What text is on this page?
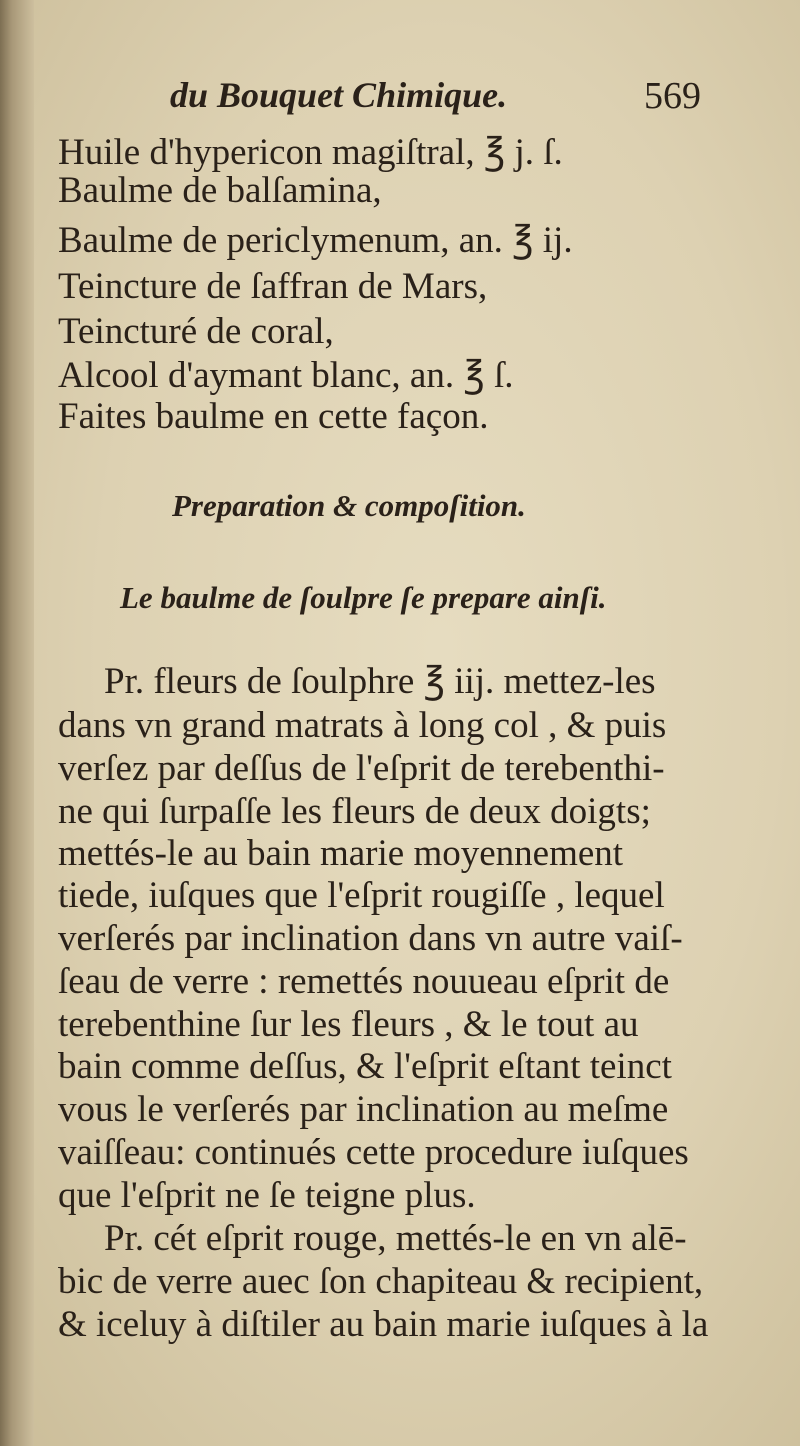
du Bouquet Chimique.	569
Huile d'hypericon magiſtral, ℥ j. ſ.
Baulme de balſamina,
Baulme de periclymenum, an. ℥ ij.
Teincture de ſaffran de Mars,
Teincturé de coral,
Alcool d'aymant blanc, an. ℥ ſ.
Faites baulme en cette façon.
Preparation & compoſition.
Le baulme de ſoulpre ſe prepare ainſi.
Pr. fleurs de ſoulphre ℥ iij. mettez-les
dans vn grand matrats à long col , & puis
verſez par deſſus de l'eſprit de terebenthi-
ne qui ſurpaſſe les fleurs de deux doigts;
mettés-le au bain marie moyennement
tiede, iuſques que l'eſprit rougiſſe , lequel
verſerés par inclination dans vn autre vaiſ-
ſeau de verre : remettés nouueau eſprit de
terebenthine ſur les fleurs , & le tout au
bain comme deſſus, & l'eſprit eſtant teinct
vous le verſerés par inclination au meſme
vaiſſeau: continués cette procedure iuſques
que l'eſprit ne ſe teigne plus.
Pr. cét eſprit rouge, mettés-le en vn alē-
bic de verre auec ſon chapiteau & recipient,
& iceluy à diſtiler au bain marie iuſques à la
